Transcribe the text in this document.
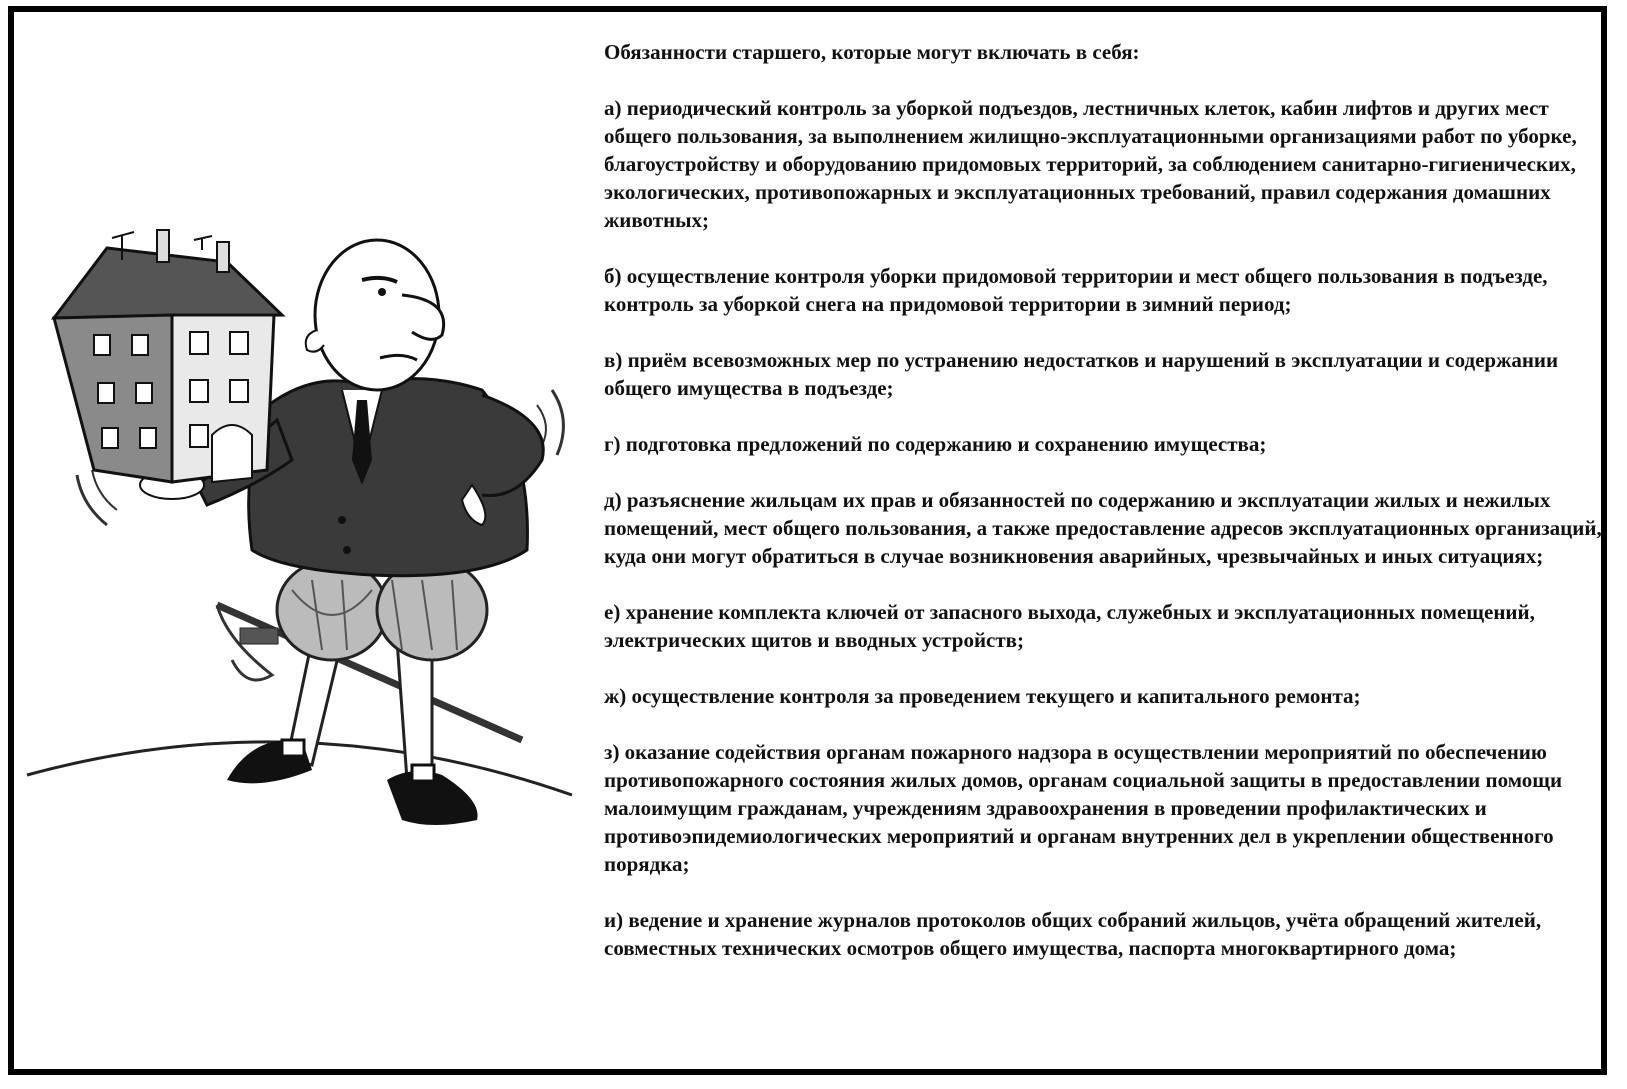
Обязанности старшего, которые могут включать в себя:

а) периодический контроль за уборкой подъездов, лестничных клеток, кабин лифтов и других мест общего пользования, за выполнением жилищно-эксплуатационными организациями работ по уборке, благоустройству и оборудованию придомовых территорий, за соблюдением санитарно-гигиенических, экологических, противопожарных и эксплуатационных требований, правил содержания домашних животных;

б) осуществление контроля уборки придомовой территории и мест общего пользования в подъезде, контроль за уборкой снега на придомовой территории в зимний период;

в) приём всевозможных мер по устранению недостатков и нарушений в эксплуатации и содержании общего имущества в подъезде;

г) подготовка предложений по содержанию и сохранению имущества;

д) разъяснение жильцам их прав и обязанностей по содержанию и эксплуатации жилых и нежилых помещений, мест общего пользования, а также предоставление адресов эксплуатационных организаций, куда они могут обратиться в случае возникновения аварийных, чрезвычайных и иных ситуациях;

е) хранение комплекта ключей от запасного выхода, служебных и эксплуатационных помещений, электрических щитов и вводных устройств;

ж) осуществление контроля за проведением текущего и капитального ремонта;

з) оказание содействия органам пожарного надзора в осуществлении мероприятий по обеспечению противопожарного состояния жилых домов, органам социальной защиты в предоставлении помощи малоимущим гражданам, учреждениям здравоохранения в проведении профилактических и противоэпидемиологических мероприятий и органам внутренних дел в укреплении общественного порядка;

и) ведение и хранение журналов протоколов общих собраний жильцов, учёта обращений жителей, совместных технических осмотров общего имущества, паспорта многоквартирного дома;
